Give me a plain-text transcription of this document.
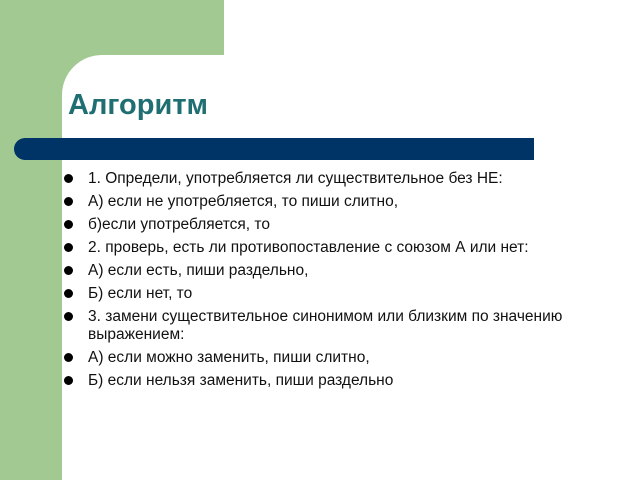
Алгоритм
1. Определи, употребляется ли существительное без НЕ:
А) если не употребляется, то пиши слитно,
б)если употребляется, то
2. проверь, есть ли противопоставление с союзом А или нет:
А) если есть, пиши раздельно,
Б) если нет, то
3. замени существительное синонимом или близким по значению выражением:
А) если можно заменить, пиши слитно,
Б) если нельзя заменить, пиши раздельно
